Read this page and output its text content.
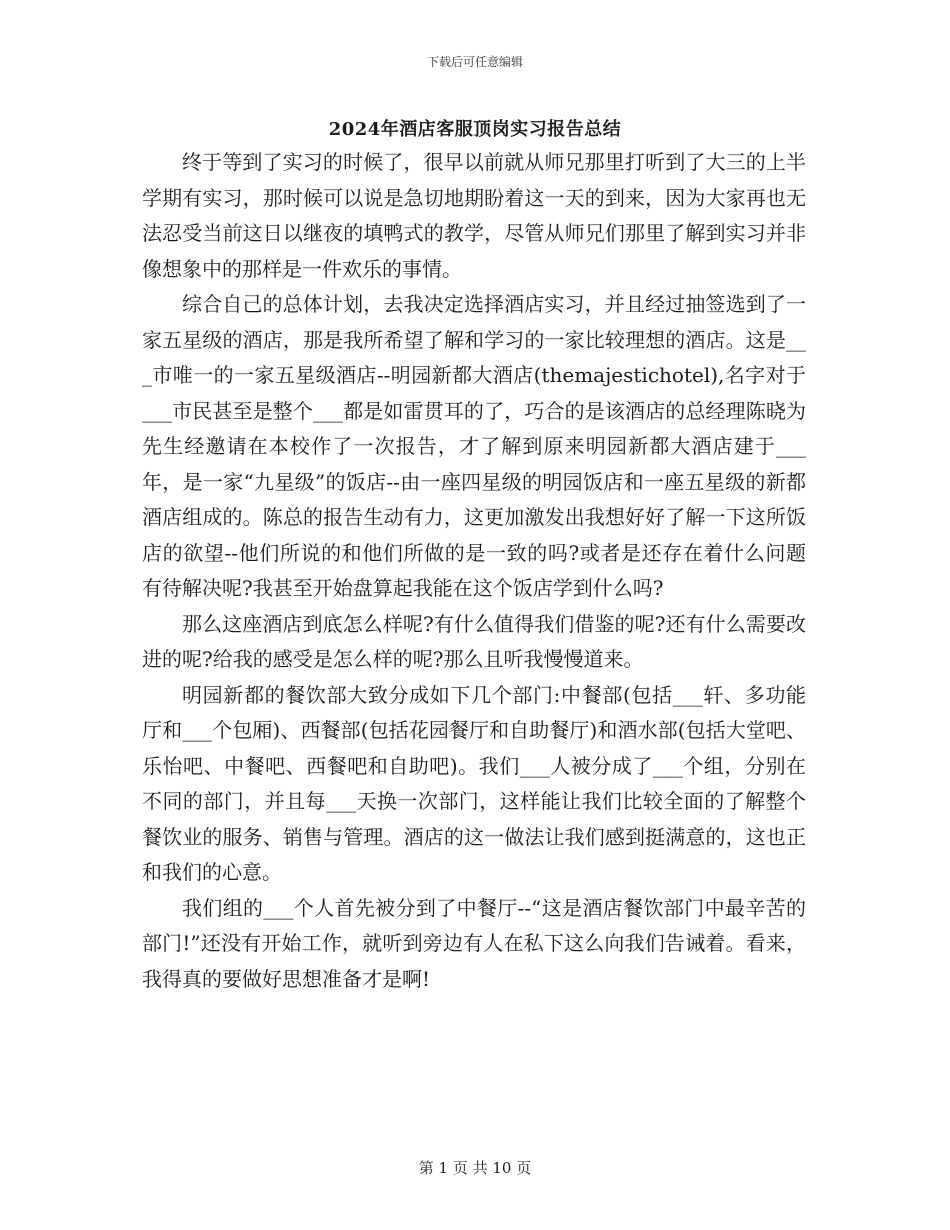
下载后可任意编辑
2024年酒店客服顶岗实习报告总结

终于等到了实习的时候了，很早以前就从师兄那里打听到了大三的上半学期有实习，那时候可以说是急切地期盼着这一天的到来，因为大家再也无法忍受当前这日以继夜的填鸭式的教学，尽管从师兄们那里了解到实习并非像想象中的那样是一件欢乐的事情。

综合自己的总体计划，去我决定选择酒店实习，并且经过抽签选到了一家五星级的酒店，那是我所希望了解和学习的一家比较理想的酒店。这是___市唯一的一家五星级酒店--明园新都大酒店(themajestichotel),名字对于___市民甚至是整个___都是如雷贯耳的了，巧合的是该酒店的总经理陈晓为先生经邀请在本校作了一次报告，才了解到原来明园新都大酒店建于___年，是一家“九星级”的饭店--由一座四星级的明园饭店和一座五星级的新都酒店组成的。陈总的报告生动有力，这更加激发出我想好好了解一下这所饭店的欲望--他们所说的和他们所做的是一致的吗?或者是还存在着什么问题有待解决呢?我甚至开始盘算起我能在这个饭店学到什么吗?

那么这座酒店到底怎么样呢?有什么值得我们借鉴的呢?还有什么需要改进的呢?给我的感受是怎么样的呢?那么且听我慢慢道来。

明园新都的餐饮部大致分成如下几个部门:中餐部(包括___轩、多功能厅和___个包厢)、西餐部(包括花园餐厅和自助餐厅)和酒水部(包括大堂吧、乐怡吧、中餐吧、西餐吧和自助吧)。我们___人被分成了___个组，分别在不同的部门，并且每___天换一次部门，这样能让我们比较全面的了解整个餐饮业的服务、销售与管理。酒店的这一做法让我们感到挺满意的，这也正和我们的心意。

我们组的___个人首先被分到了中餐厅--“这是酒店餐饮部门中最辛苦的部门!”还没有开始工作，就听到旁边有人在私下这么向我们告诫着。看来，我得真的要做好思想准备才是啊!

第 1 页 共 10 页
